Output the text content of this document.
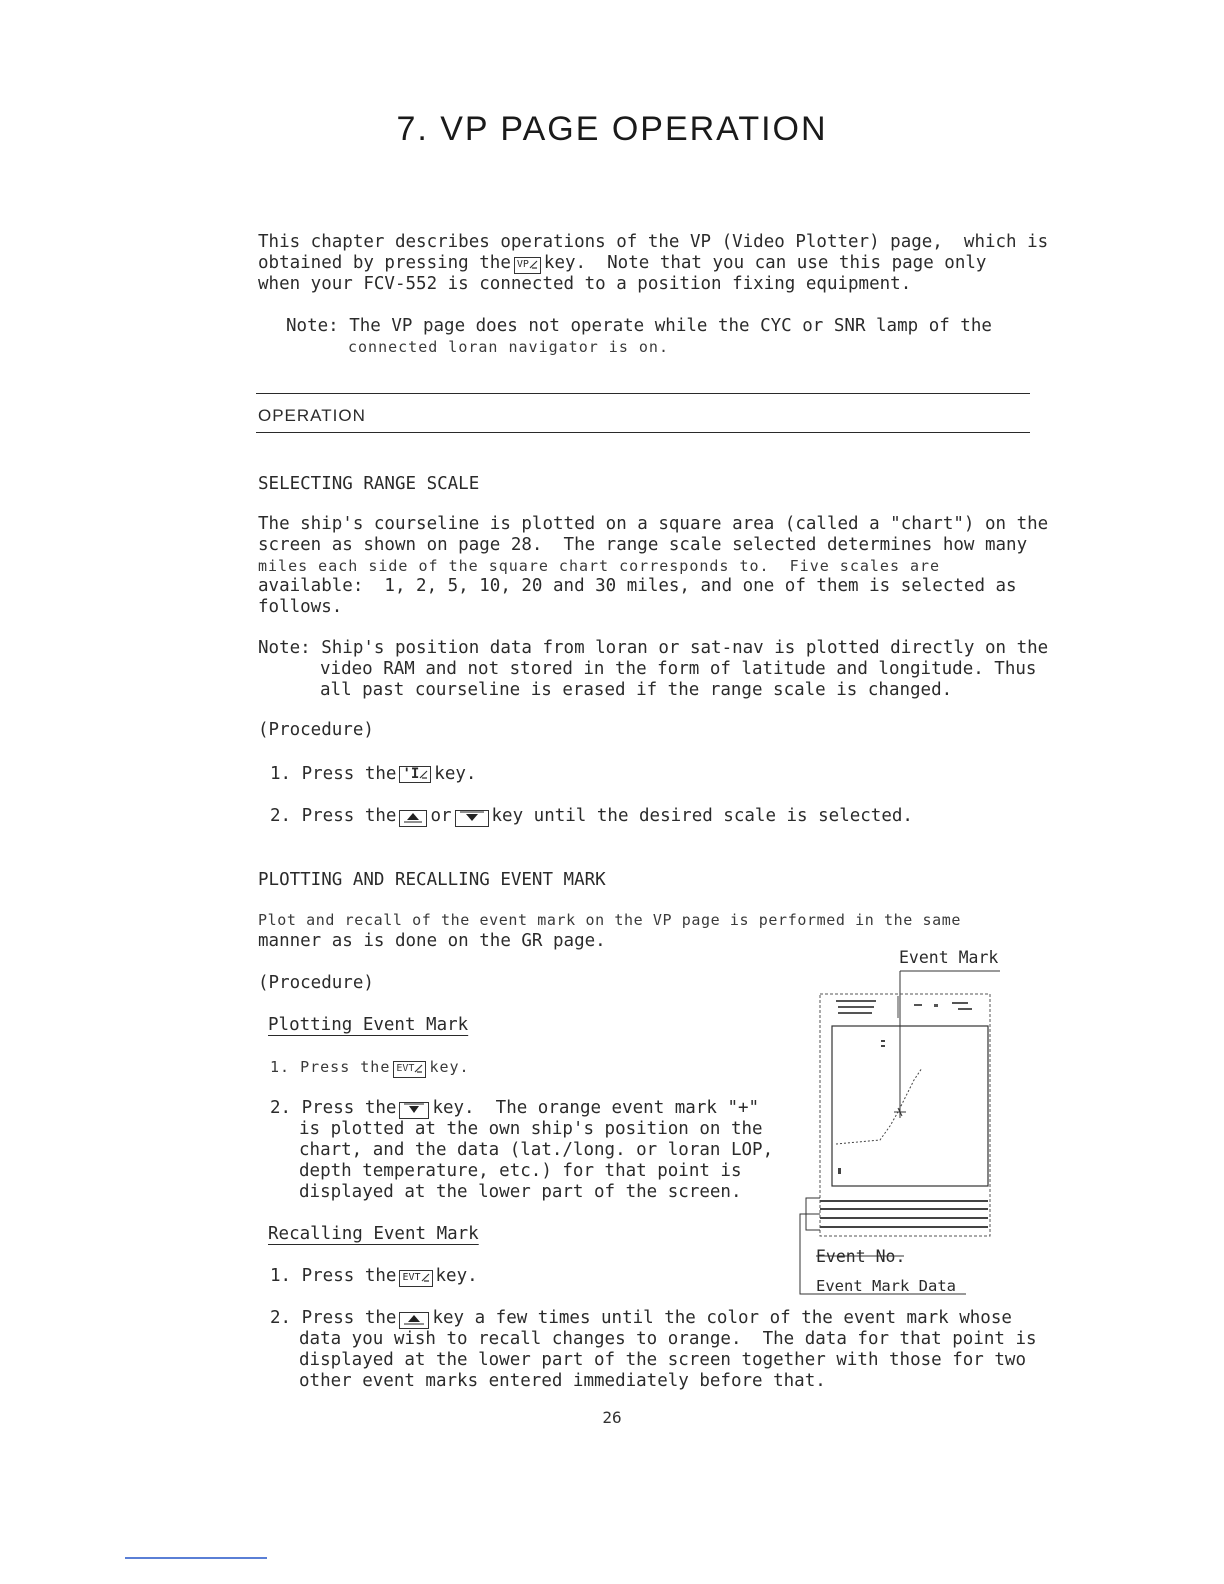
7. VP PAGE OPERATION
This chapter describes operations of the VP (Video Plotter) page,  which is
obtained by pressing the VP key.  Note that you can use this page only
when your FCV-552 is connected to a position fixing equipment.
Note: The VP page does not operate while the CYC or SNR lamp of the
connected loran navigator is on.
OPERATION
SELECTING RANGE SCALE
The ship's courseline is plotted on a square area (called a "chart") on the
screen as shown on page 28.  The range scale selected determines how many
miles each side of the square chart corresponds to.  Five scales are
available:  1, 2, 5, 10, 20 and 30 miles, and one of them is selected as
follows.
Note: Ship's position data from loran or sat-nav is plotted directly on the
video RAM and not stored in the form of latitude and longitude. Thus
all past courseline is erased if the range scale is changed.
(Procedure)
1. Press the 'I key.
2. Press the or key until the desired scale is selected.
PLOTTING AND RECALLING EVENT MARK
Plot and recall of the event mark on the VP page is performed in the same
manner as is done on the GR page.
(Procedure)
Plotting Event Mark
1. Press the EVT key.
2. Press the key.  The orange event mark "+"
is plotted at the own ship's position on the
chart, and the data (lat./long. or loran LOP,
depth temperature, etc.) for that point is
displayed at the lower part of the screen.
Recalling Event Mark
1. Press the EVT key.
2. Press the key a few times until the color of the event mark whose
data you wish to recall changes to orange.  The data for that point is
displayed at the lower part of the screen together with those for two
other event marks entered immediately before that.
Event Mark
Event No.
Event Mark Data
26
